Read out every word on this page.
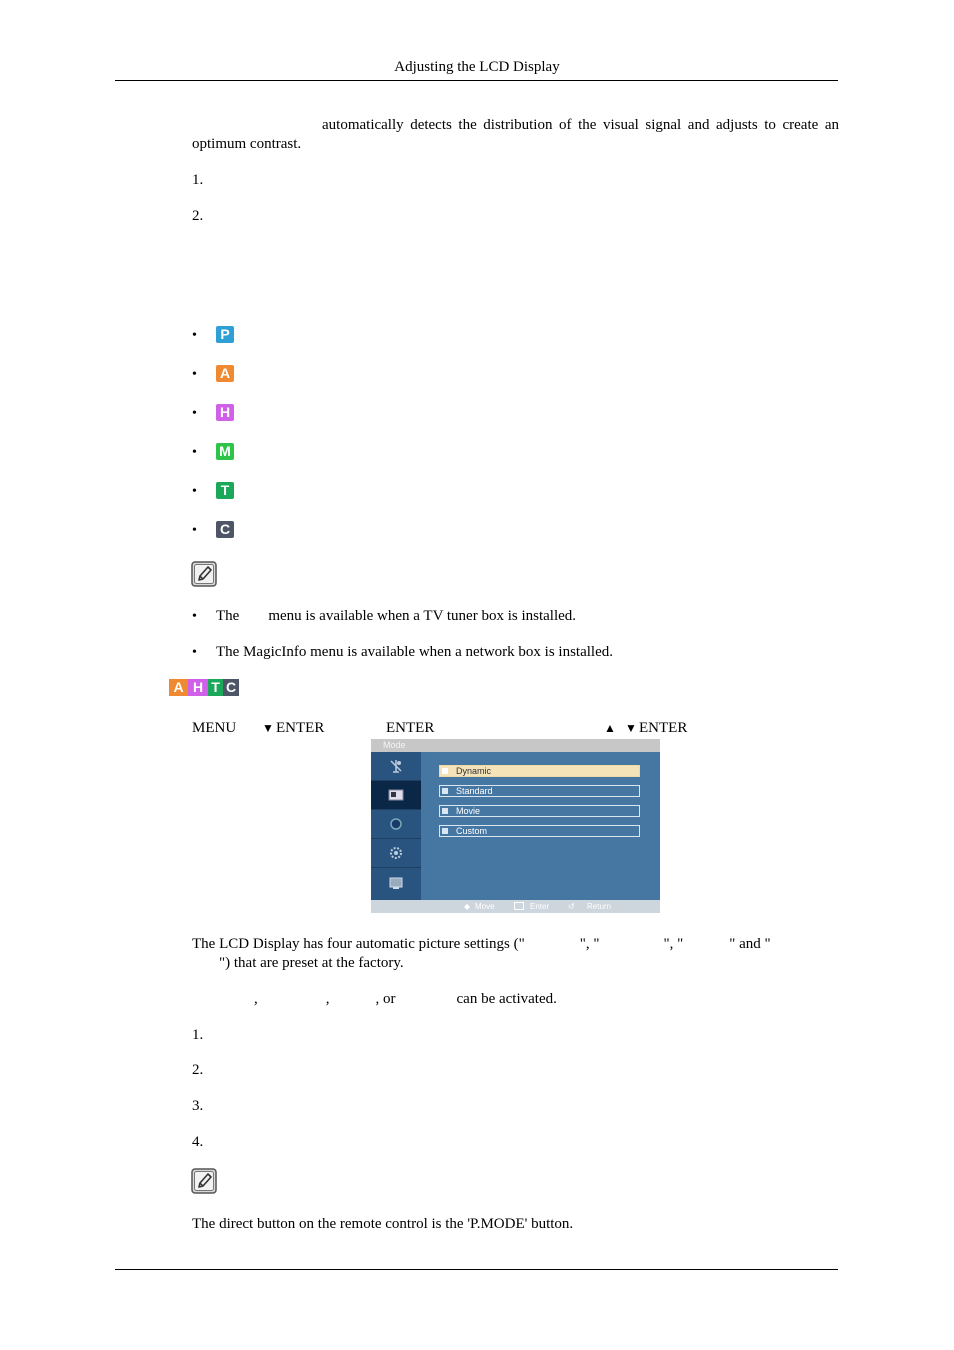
Adjusting the LCD Display
automatically detects the distribution of the visual signal and adjusts to create an optimum contrast.
1.
2.
•	P
• A
• H
• M
•	T
• C
• The menu is available when a TV tuner box is installed.
• The MagicInfo menu is available when a network box is installed.
A H T C
MENU ▼ ENTER	ENTER	▲ ▼ ENTER
Mode
Dynamic
Standard
Movie
Custom
◆ Move	Enter ↺ Return
The LCD Display has four automatic picture settings ("	", "	", "	" and "
") that are preset at the factory.
,	,	, or	can be activated.
1.
2.
3.
4.
The direct button on the remote control is the 'P.MODE' button.
